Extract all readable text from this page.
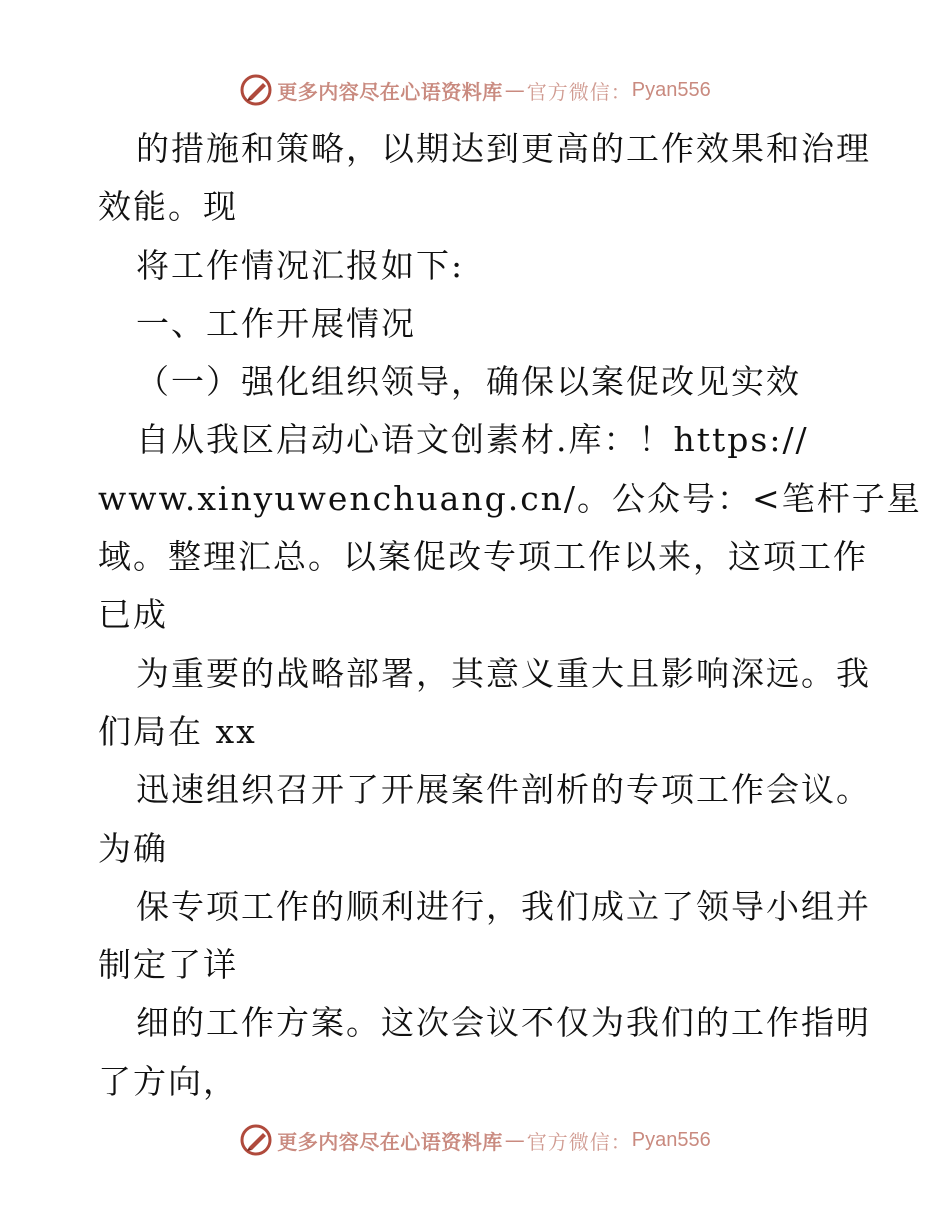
更多内容尽在心语资料库 — 官方微信： Pyan556
的措施和策略，以期达到更高的工作效果和治理
效能。现
将工作情况汇报如下:
一、工作开展情况
（一）强化组织领导，确保以案促改见实效
自从我区启动心语文创素材.库：！https://
www.xinyuwenchuang.cn/。公众号：<笔杆子星
域。整理汇总。以案促改专项工作以来，这项工作
已成
为重要的战略部署，其意义重大且影响深远。我
们局在 xx
迅速组织召开了开展案件剖析的专项工作会议。
为确
保专项工作的顺利进行，我们成立了领导小组并
制定了详
细的工作方案。这次会议不仅为我们的工作指明
了方向，
更多内容尽在心语资料库 — 官方微信： Pyan556
